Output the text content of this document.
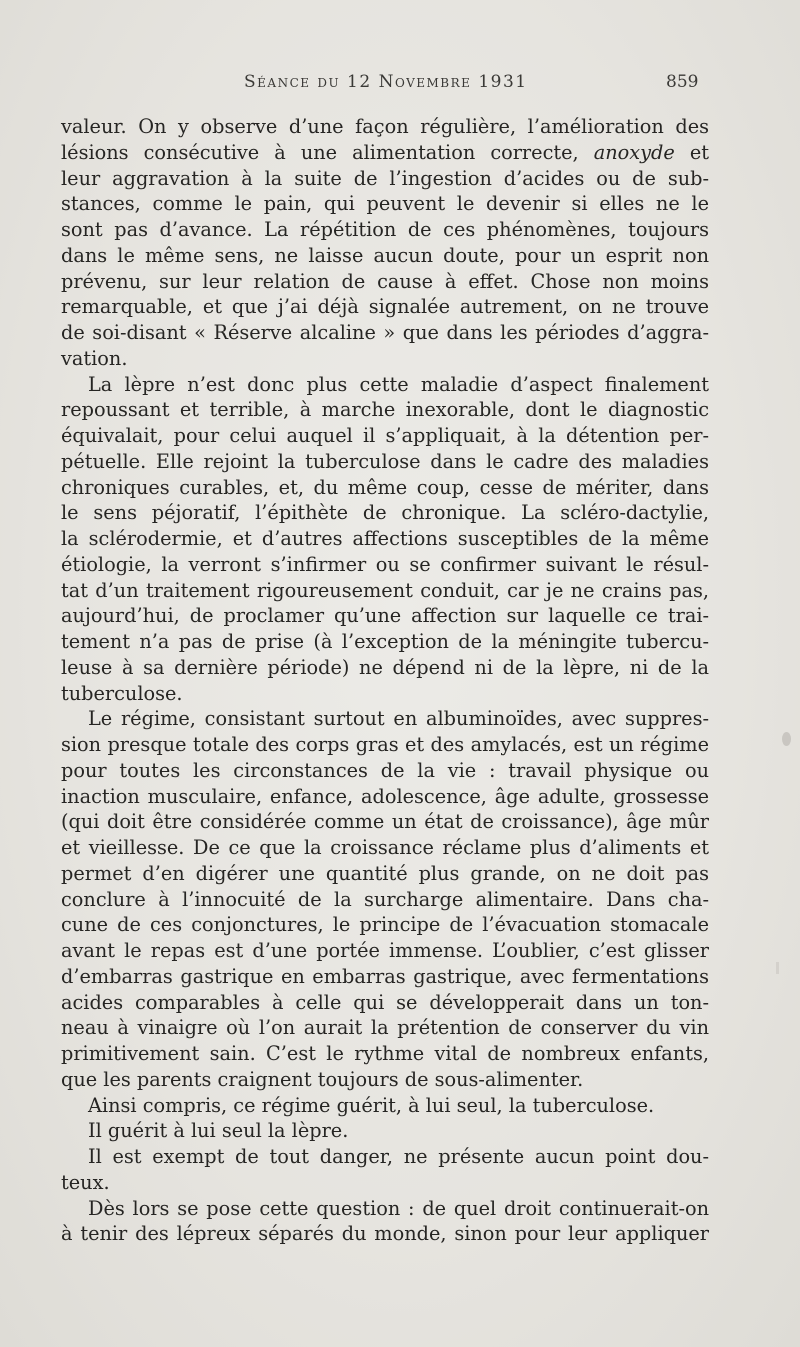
Séance du 12 Novembre 1931	859
valeur. On y observe d’une façon régulière, l’amélioration des
lésions consécutive à une alimentation correcte, anoxyde et
leur aggravation à la suite de l’ingestion d’acides ou de sub-
stances, comme le pain, qui peuvent le devenir si elles ne le
sont pas d’avance. La répétition de ces phénomènes, toujours
dans le même sens, ne laisse aucun doute, pour un esprit non
prévenu, sur leur relation de cause à effet. Chose non moins
remarquable, et que j’ai déjà signalée autrement, on ne trouve
de soi-disant « Réserve alcaline » que dans les périodes d’aggra-
vation.
La lèpre n’est donc plus cette maladie d’aspect finalement
repoussant et terrible, à marche inexorable, dont le diagnostic
équivalait, pour celui auquel il s’appliquait, à la détention per-
pétuelle. Elle rejoint la tuberculose dans le cadre des maladies
chroniques curables, et, du même coup, cesse de mériter, dans
le sens péjoratif, l’épithète de chronique. La scléro-dactylie,
la sclérodermie, et d’autres affections susceptibles de la même
étiologie, la verront s’infirmer ou se confirmer suivant le résul-
tat d’un traitement rigoureusement conduit, car je ne crains pas,
aujourd’hui, de proclamer qu’une affection sur laquelle ce trai-
tement n’a pas de prise (à l’exception de la méningite tubercu-
leuse à sa dernière période) ne dépend ni de la lèpre, ni de la
tuberculose.
Le régime, consistant surtout en albuminoïdes, avec suppres-
sion presque totale des corps gras et des amylacés, est un régime
pour toutes les circonstances de la vie : travail physique ou
inaction musculaire, enfance, adolescence, âge adulte, grossesse
(qui doit être considérée comme un état de croissance), âge mûr
et vieillesse. De ce que la croissance réclame plus d’aliments et
permet d’en digérer une quantité plus grande, on ne doit pas
conclure à l’innocuité de la surcharge alimentaire. Dans cha-
cune de ces conjonctures, le principe de l’évacuation stomacale
avant le repas est d’une portée immense. L’oublier, c’est glisser
d’embarras gastrique en embarras gastrique, avec fermentations
acides comparables à celle qui se développerait dans un ton-
neau à vinaigre où l’on aurait la prétention de conserver du vin
primitivement sain. C’est le rythme vital de nombreux enfants,
que les parents craignent toujours de sous-alimenter.
Ainsi compris, ce régime guérit, à lui seul, la tuberculose.
Il guérit à lui seul la lèpre.
Il est exempt de tout danger, ne présente aucun point dou-
teux.
Dès lors se pose cette question : de quel droit continuerait-on
à tenir des lépreux séparés du monde, sinon pour leur appliquer
